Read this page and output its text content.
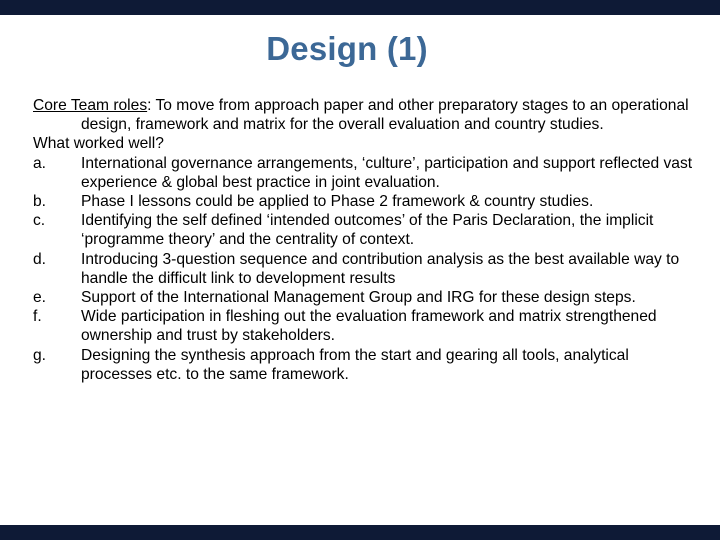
Design (1)
Core Team roles: To move from approach paper and other preparatory stages to an operational design, framework and matrix for the overall evaluation and country studies.
What worked well?
a.	International governance arrangements, ‘culture’, participation and support reflected vast experience & global best practice in joint evaluation.
b.	Phase I lessons could be applied to Phase 2 framework & country studies.
c.	Identifying the self defined ‘intended outcomes’ of the Paris Declaration, the implicit ‘programme theory’ and the centrality of context.
d.	Introducing 3-question sequence and contribution analysis as the best available way to handle the difficult link to development results
e.	Support of the International Management Group and IRG for these design steps.
f.	Wide participation in fleshing out the evaluation framework and matrix strengthened ownership and trust by stakeholders.
g.	Designing the synthesis approach from the start and gearing all tools, analytical processes etc. to the same framework.
